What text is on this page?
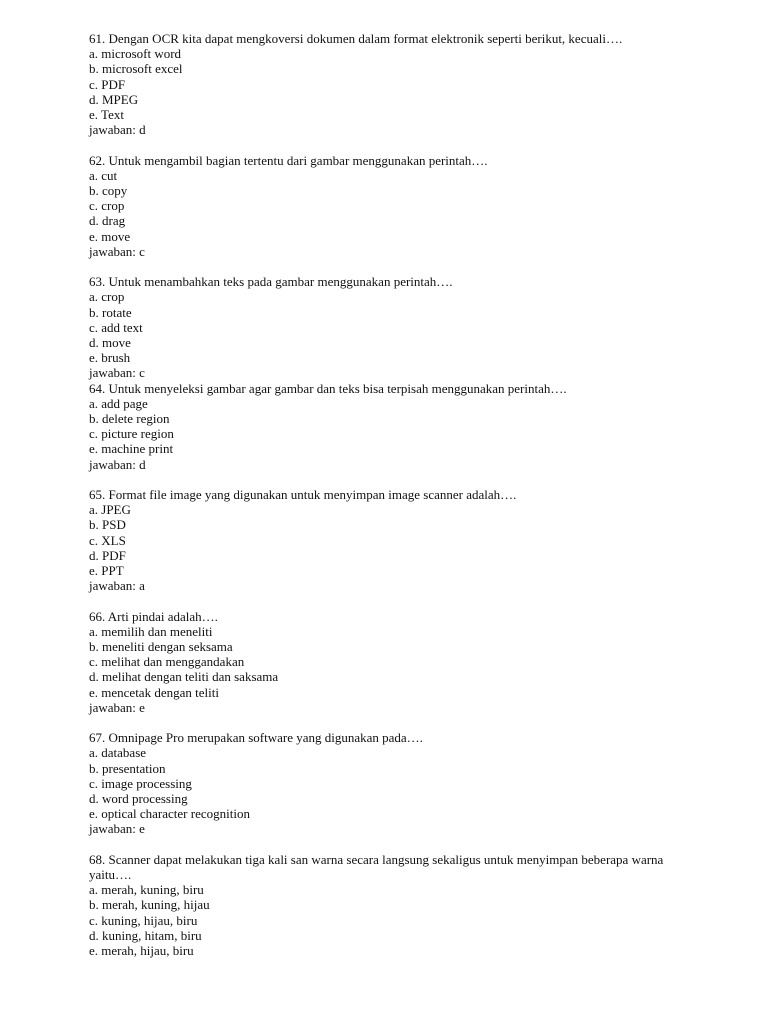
61. Dengan OCR kita dapat mengkoversi dokumen dalam format elektronik seperti berikut, kecuali….
a. microsoft word
b. microsoft excel
c. PDF
d. MPEG
e. Text
jawaban: d
62. Untuk mengambil bagian tertentu dari gambar menggunakan perintah….
a. cut
b. copy
c. crop
d. drag
e. move
jawaban: c
63. Untuk menambahkan teks pada gambar menggunakan perintah….
a. crop
b. rotate
c. add text
d. move
e. brush
jawaban: c
64. Untuk menyeleksi gambar agar gambar dan teks bisa terpisah menggunakan perintah….
a. add page
b. delete region
c. picture region
e. machine print
jawaban: d
65. Format file image yang digunakan untuk menyimpan image scanner adalah….
a. JPEG
b. PSD
c. XLS
d. PDF
e. PPT
jawaban: a
66. Arti pindai adalah….
a. memilih dan meneliti
b. meneliti dengan seksama
c. melihat dan menggandakan
d. melihat dengan teliti dan saksama
e. mencetak dengan teliti
jawaban: e
67. Omnipage Pro merupakan software yang digunakan pada….
a. database
b. presentation
c. image processing
d. word processing
e. optical character recognition
jawaban: e
68. Scanner dapat melakukan tiga kali san warna secara langsung sekaligus untuk menyimpan beberapa warna yaitu….
a. merah, kuning, biru
b. merah, kuning, hijau
c. kuning, hijau, biru
d. kuning, hitam, biru
e. merah, hijau, biru
